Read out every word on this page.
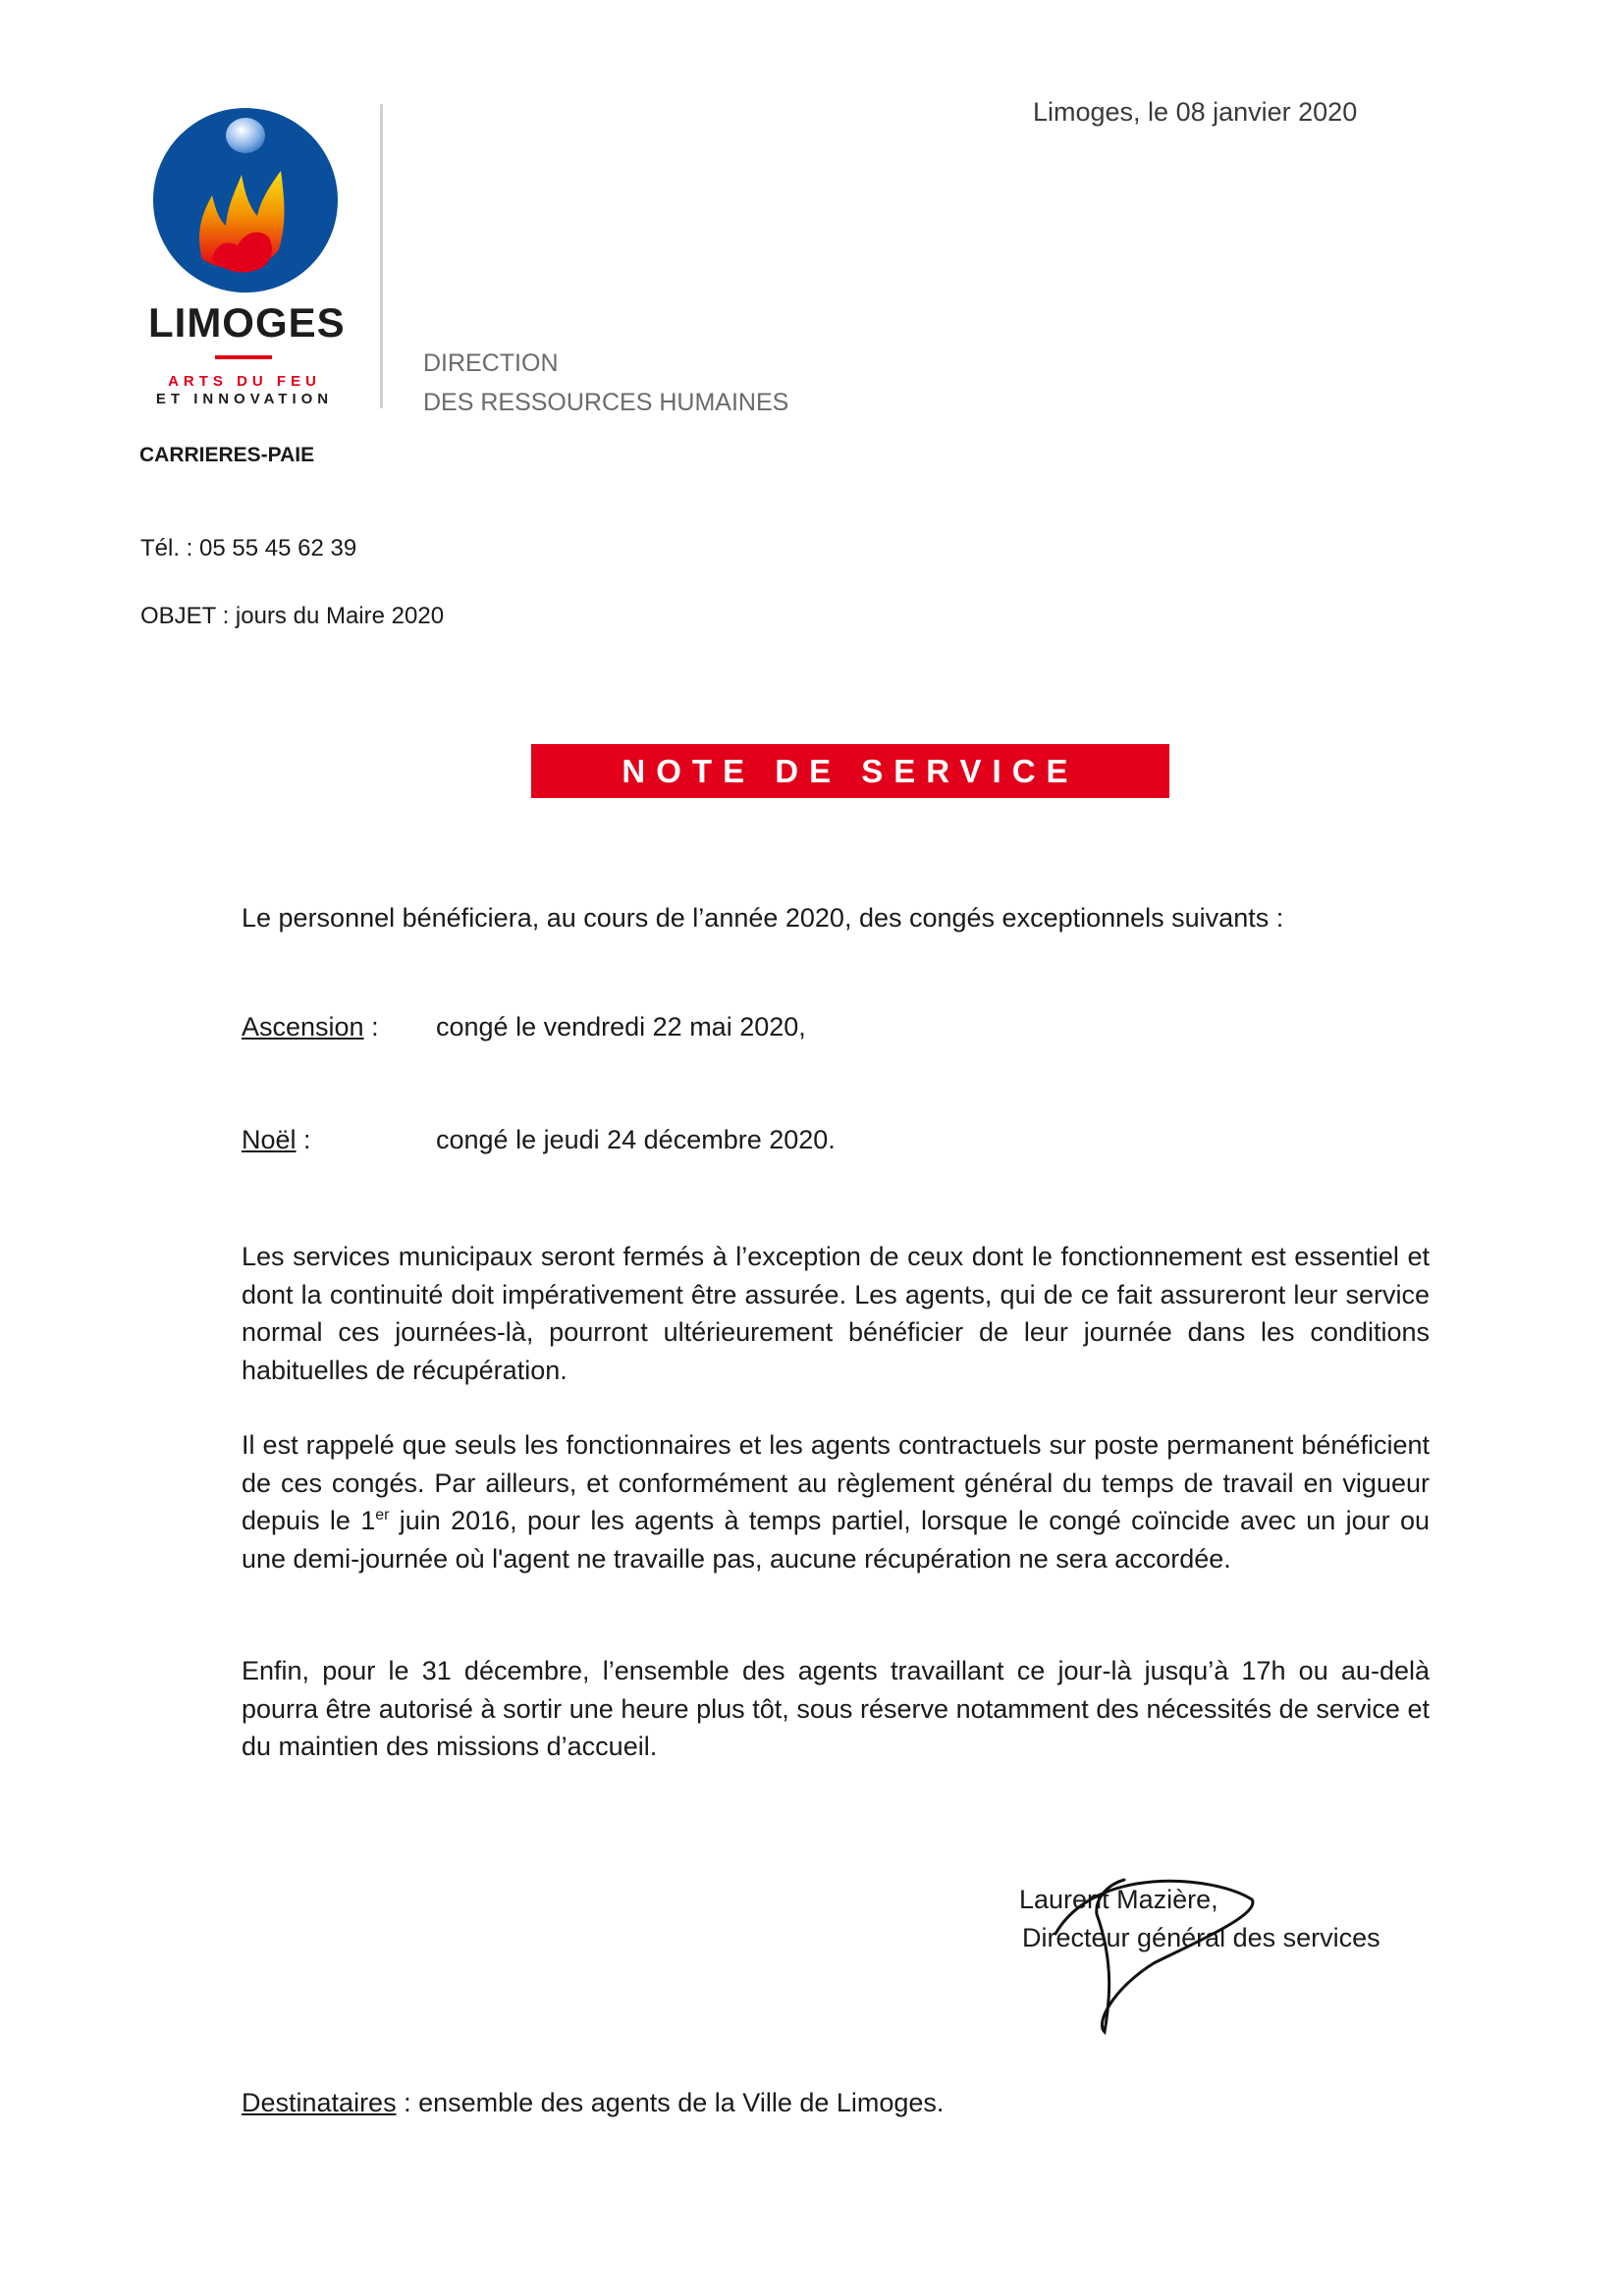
LIMOGES
ARTS DU FEU
ET INNOVATION
DIRECTION
DES RESSOURCES HUMAINES
Limoges, le 08 janvier 2020
CARRIERES-PAIE
Tél. : 05 55 45 62 39
OBJET : jours du Maire 2020
NOTE DE SERVICE
Le personnel bénéficiera, au cours de l’année 2020, des congés exceptionnels suivants :
Ascension : congé le vendredi 22 mai 2020,
Noël :	congé le jeudi 24 décembre 2020.
Les services municipaux seront fermés à l’exception de ceux dont le fonctionnement est essentiel et dont la continuité doit impérativement être assurée. Les agents, qui de ce fait assureront leur service normal ces journées-là, pourront ultérieurement bénéficier de leur journée dans les conditions habituelles de récupération.
Il est rappelé que seuls les fonctionnaires et les agents contractuels sur poste permanent bénéficient de ces congés. Par ailleurs, et conformément au règlement général du temps de travail en vigueur depuis le 1er juin 2016, pour les agents à temps partiel, lorsque le congé coïncide avec un jour ou une demi-journée où l'agent ne travaille pas, aucune récupération ne sera accordée.
Enfin, pour le 31 décembre, l’ensemble des agents travaillant ce jour-là jusqu’à 17h ou au-delà pourra être autorisé à sortir une heure plus tôt, sous réserve notamment des nécessités de service et du maintien des missions d’accueil.
Laurent Mazière,
Directeur général des services
Destinataires : ensemble des agents de la Ville de Limoges.
